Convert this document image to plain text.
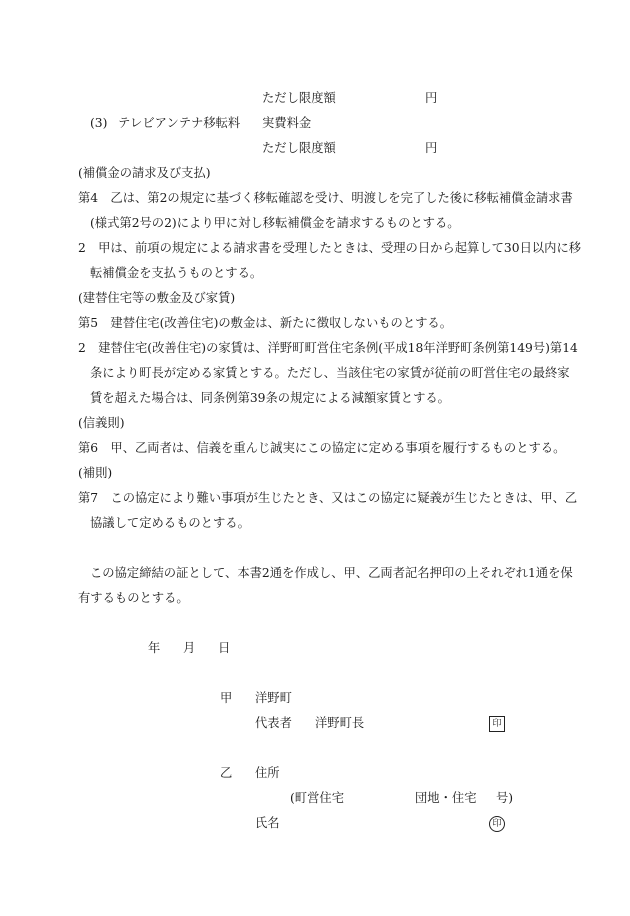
ただし限度額	円
(3) テレビアンテナ移転料 実費料金
ただし限度額	円
(補償金の請求及び支払)
第4　乙は、第2の規定に基づく移転確認を受け、明渡しを完了した後に移転補償金請求書
(様式第2号の2)により甲に対し移転補償金を請求するものとする。
2　甲は、前項の規定による請求書を受理したときは、受理の日から起算して30日以内に移
転補償金を支払うものとする。
(建替住宅等の敷金及び家賃)
第5　建替住宅(改善住宅)の敷金は、新たに徴収しないものとする。
2　建替住宅(改善住宅)の家賃は、洋野町町営住宅条例(平成18年洋野町条例第149号)第14
条により町長が定める家賃とする。ただし、当該住宅の家賃が従前の町営住宅の最終家
賃を超えた場合は、同条例第39条の規定による減額家賃とする。
(信義則)
第6　甲、乙両者は、信義を重んじ誠実にこの協定に定める事項を履行するものとする。
(補則)
第7　この協定により難い事項が生じたとき、又はこの協定に疑義が生じたときは、甲、乙
協議して定めるものとする。
この協定締結の証として、本書2通を作成し、甲、乙両者記名押印の上それぞれ1通を保
有するものとする。
年 月 日
甲 洋野町
代表者 洋野町長	印
乙 住所
(町営住宅	団地・住宅 号)
氏名	印
